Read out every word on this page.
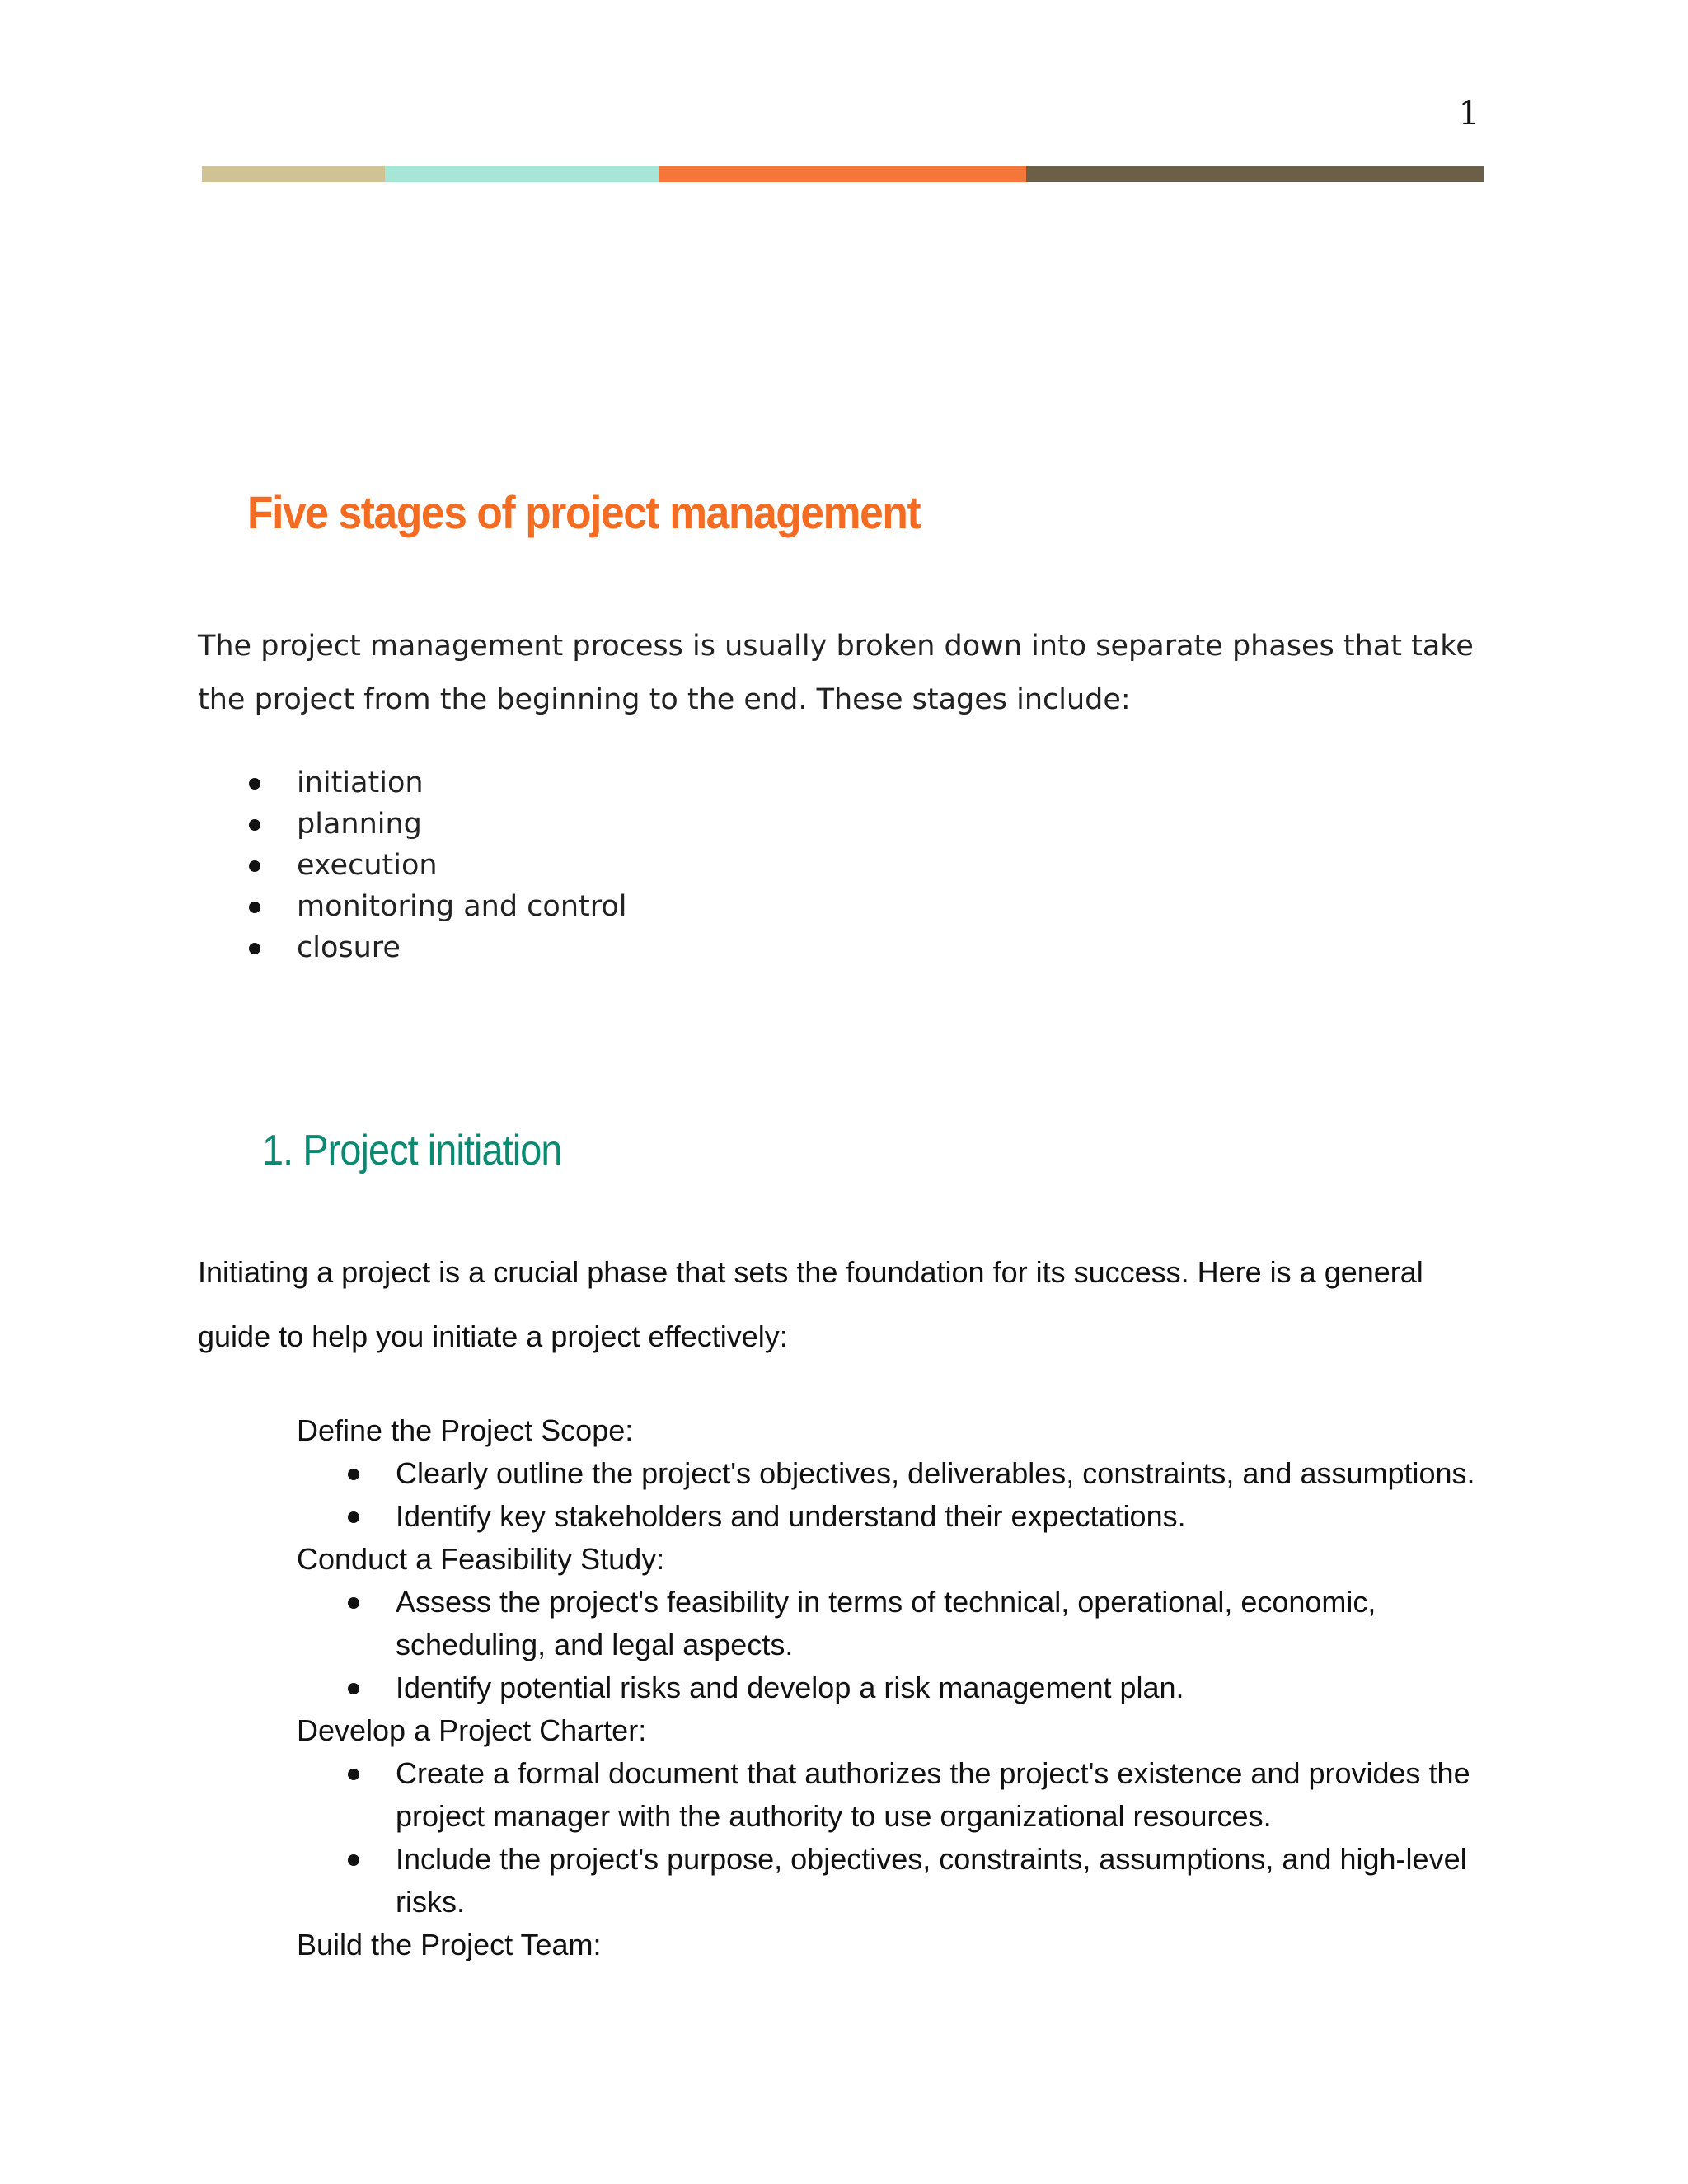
1
Five stages of project management

The project management process is usually broken down into separate phases that take the project from the beginning to the end. These stages include:

initiation
planning
execution
monitoring and control
closure
1. Project initiation

Initiating a project is a crucial phase that sets the foundation for its success. Here is a general guide to help you initiate a project effectively:

Define the Project Scope:

Clearly outline the project's objectives, deliverables, constraints, and assumptions.
Identify key stakeholders and understand their expectations.

Conduct a Feasibility Study:

Assess the project's feasibility in terms of technical, operational, economic, scheduling, and legal aspects.
Identify potential risks and develop a risk management plan.

Develop a Project Charter:

Create a formal document that authorizes the project's existence and provides the project manager with the authority to use organizational resources.
Include the project's purpose, objectives, constraints, assumptions, and high-level risks.

Build the Project Team:
